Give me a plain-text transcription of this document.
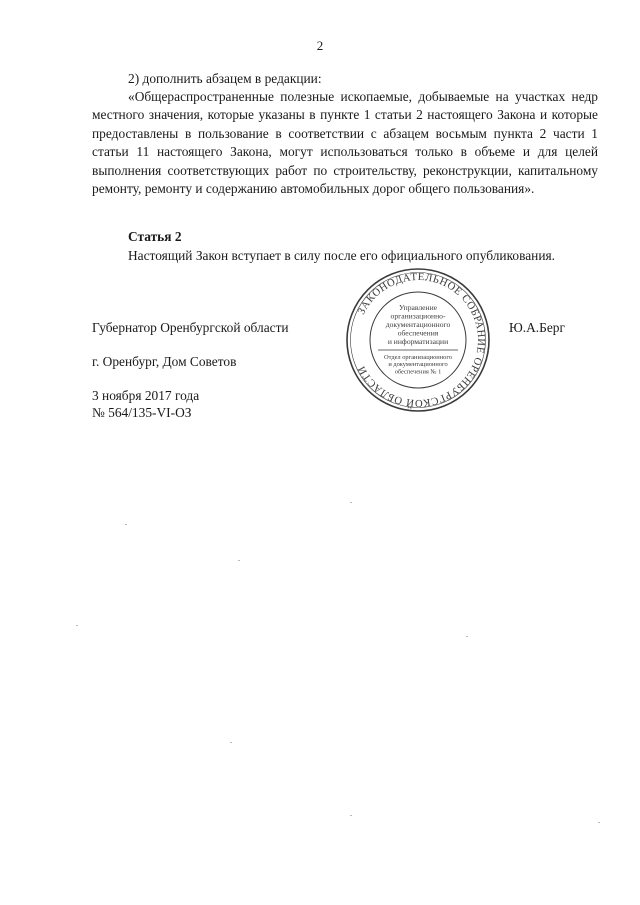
2

2) дополнить абзацем в редакции:

«Общераспространенные полезные ископаемые, добываемые на участках недр местного значения, которые указаны в пункте 1 статьи 2 настоящего Закона и которые предоставлены в пользование в соответствии с абзацем восьмым пункта 2 части 1 статьи 11 настоящего Закона, могут использоваться только в объеме и для целей выполнения соответствующих работ по строительству, реконструкции, капитальному ремонту, ремонту и содержанию автомобильных дорог общего пользования».

Статья 2

Настоящий Закон вступает в силу после его официального опубликования.

Губернатор Оренбургской области	Ю.А.Берг
г. Оренбург, Дом Советов
3 ноября 2017 года
№ 564/135-VI-ОЗ
ЗАКОНОДАТЕЛЬНОЕ СОБРАНИЕ ОРЕНБУРГСКОЙ ОБЛАСТИ
Управление
организационно-
документационного
обеспечения
и информатизации
Отдел организационного
и документационного
обеспечения № 1
